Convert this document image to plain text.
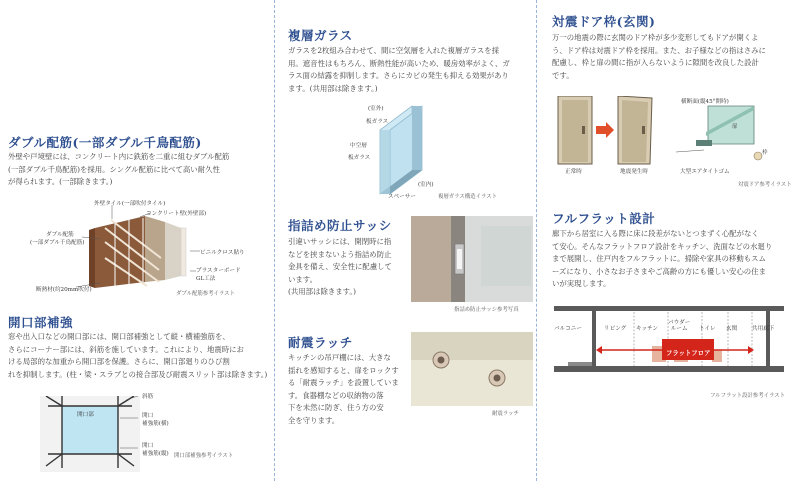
ダブル配筋(一部ダブル千鳥配筋)
外壁や戸境壁には、コンクリート内に鉄筋を二重に組むダブル配筋
(一部ダブル千鳥配筋)を採用。シングル配筋に比べて高い耐久性
が得られます。(一部除きます。)
外壁タイル(一部吹付タイル)
コンクリート壁(外壁部)
ダブル配筋
(一部ダブル千鳥配筋)
ビニルクロス貼り
プラスターボード
GL工法
断熱材(約20mm吹付)
ダブル配筋参考イラスト
開口部補強
窓や出入口などの開口部には、開口部補強として縦・横補強筋を、
さらにコーナー部には、斜筋を施しています。これにより、地震時にお
ける局部的な加重から開口部を保護。さらに、開口部廻りのひび割
れを抑制します。(柱・梁・スラブとの接合部及び耐震スリット部は除きます。)
開口部
斜筋
開口
補強筋(横)
開口
補強筋(縦) 開口部補強参考イラスト
複層ガラス
ガラスを2枚組み合わせて、間に空気層を入れた複層ガラスを採
用。遮音性はもちろん、断熱性能が高いため、暖房効率がよく、ガ
ラス面の結露を抑制します。さらにカビの発生も抑える効果があり
ます。(共用部は除きます。)
(室外)
板ガラス
中空層
板ガラス
(室内)
スペーサー	複層ガラス構造イラスト
指詰め防止サッシ
引違いサッシには、開閉時に指
などを挟まないよう指詰め防止
金具を備え、安全性に配慮して
います。
(共用部は除きます。)
指詰め防止サッシ参考写真
耐震ラッチ
キッチンの吊戸棚には、大きな
揺れを感知すると、扉をロックす
る「耐震ラッチ」を設置していま
す。食器棚などの収納物の落
下を未然に防ぎ、住う方の安
全を守ります。
耐震ラッチ
対震ドア枠(玄関)
万一の地震の際に玄関のドア枠が多少変形してもドアが開くよ
う、ドア枠は対震ドア枠を採用。また、お子様などの指はさみに
配慮し、枠と扉の間に指が入らないように隙間を改良した設計
です。
正常時	地震発生時
横断面(縦45°開時)
扉
枠
大型エアタイトゴム
対震ドア参考イラスト
フルフラット設計
廊下から居室に入る際に床に段差がないとつまずく心配がなく
て安心。そんなフラットフロア設計をキッチン、洗面などの水廻り
まで展開し、住戸内をフルフラットに。掃除や家具の移動もスム
ーズになり、小さなお子さまやご高齢の方にも優しい安心の住ま
いが実現します。
フラットフロア
バルコニー	リビング キッチン
パウダー
ルーム	トイレ 玄関	共用廊下
フルフラット設計参考イラスト
